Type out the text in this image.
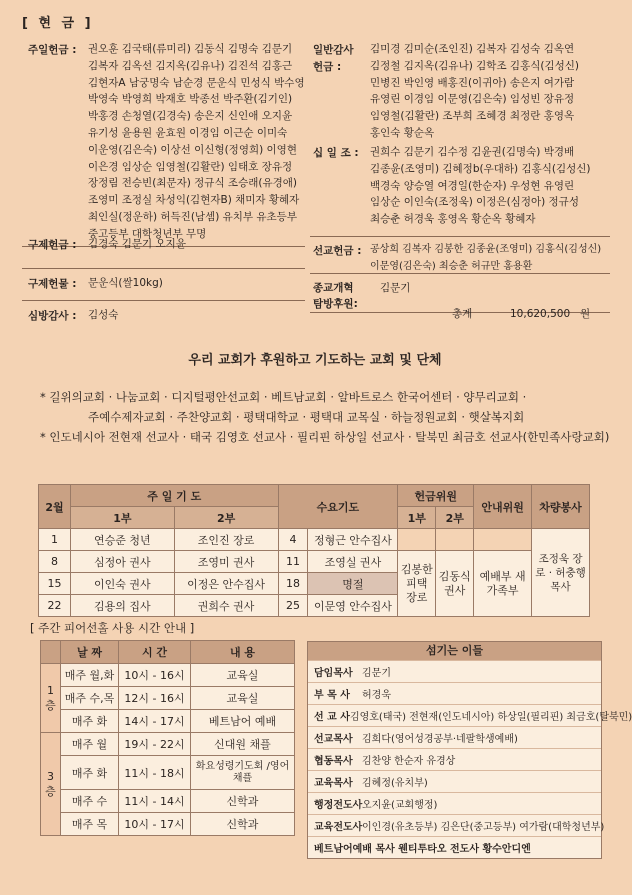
[ 현 금 ]
주일헌금 : 권오훈 김국태(류미리) 김동식 김명숙 김문기
김복자 김옥선 김지옥(김유나) 김진석 김홍근
김현자A 남궁명숙 남순경 문운식 민성식 박수영
박영숙 박영희 박재호 박종선 박주환(김기인)
박홍경 손청열(김경숙) 송은지 신인애 오지윤
유기성 윤용원 윤효원 이경임 이근순 이미숙
이운영(김은숙) 이상선 이신형(정영희) 이영현
이은경 임상순 임영철(김활란) 임태호 장유정
장정림 전승빈(최문자) 정규식 조승래(유경애)
조영미 조정실 차성익(김현자B) 채미자 황혜자
최인실(정운하) 허득진(남셈) 유치부 유초등부
중고등부 대학청년부 무명
구제헌금 : 김경숙 김문기 오지윤
구제헌물 : 문운식(쌀10kg)
심방감사 : 김성숙
일반감사
헌금 :
김미경 김미순(조인진) 김복자 김성숙 김옥연
김정철 김지옥(김유나) 김학조 김홍식(김성신)
민병진 박인영 배홍진(이귀아) 송은지 여가람
유영린 이경임 이문영(김은숙) 임성빈 장유정
임영철(김활란) 조부희 조혜경 최정란 홍영옥
홍인숙 황순옥
십 일 조 : 권희수 김문기 김수정 김윤권(김명숙) 박경배
김종윤(조영미) 김혜정b(우대하) 김홍식(김성신)
백경숙 양승열 여경일(한순자) 우성현 유영린
임상순 이인숙(조정욱) 이정은(심정아) 정규성
최승춘 허경욱 홍영옥 황순옥 황혜자
선교헌금 : 공상희 김복자 김봉한 김종윤(조영미) 김홍식(김성신)
이문영(김은숙) 최승춘 허규만 홍용환
종교개혁
탐방후원:
김문기
총계	10,620,500 원
우리 교회가 후원하고 기도하는 교회 및 단체
* 길위의교회 · 나눔교회 · 디지털평안선교회 · 베트남교회 · 알바트로스 한국어센터 · 양무리교회 ·
주예수제자교회 · 주찬양교회 · 평택대학교 · 평택대 교목실 · 하늘정원교회 · 햇살복지회
* 인도네시아 전현재 선교사 · 태국 김영호 선교사 · 필리핀 하상일 선교사 · 탈북민 최금호 선교사(한민족사랑교회)
2월	주 일 기 도		수요기도		헌금위원		안내위원	차량봉사
	1부	2부			1부	2부		
1	연승준 청년	조인진 장로	4	정형근 안수집사				조정욱 장로 · 허충행 목사
8	심정아 권사	조영미 권사	11	조영실 권사	김봉한 피택 장로	김동식 권사	예배부 새가족부	
15	이인숙 권사	이정은 안수집사	18	명절				
22	김용의 집사	권희수 권사	25	이문영 안수집사				
[ 주간 피어선홀 사용 시간 안내 ]
	날 짜	시 간	내 용
1층	매주 월,화	10시 - 16시	교육실
	매주 수,목	12시 - 16시	교육실
	매주 화	14시 - 17시	베트남어 예배
3층	매주 월	19시 - 22시	신대원 채플
	매주 화	11시 - 18시	화요성령기도회 /영어채플
	매주 수	11시 - 14시	신학과
	매주 목	10시 - 17시	신학과
섬기는 이들
담임목사 김문기
부 목 사	허경욱
선 교 사 김영호(태국) 전현재(인도네시아) 하상일(필리핀) 최금호(탈북민)
선교목사 김희다(영어성경공부·네팔학생예배)
협동목사 김찬양 한순자 유경상
교육목사 김혜정(유치부)
행정전도사 오지윤(교회행정)
교육전도사 이인경(유초등부) 김은단(중고등부) 여가람(대학청년부)
베트남어예배 목사 웬티투타오 전도사 황수안디엔
